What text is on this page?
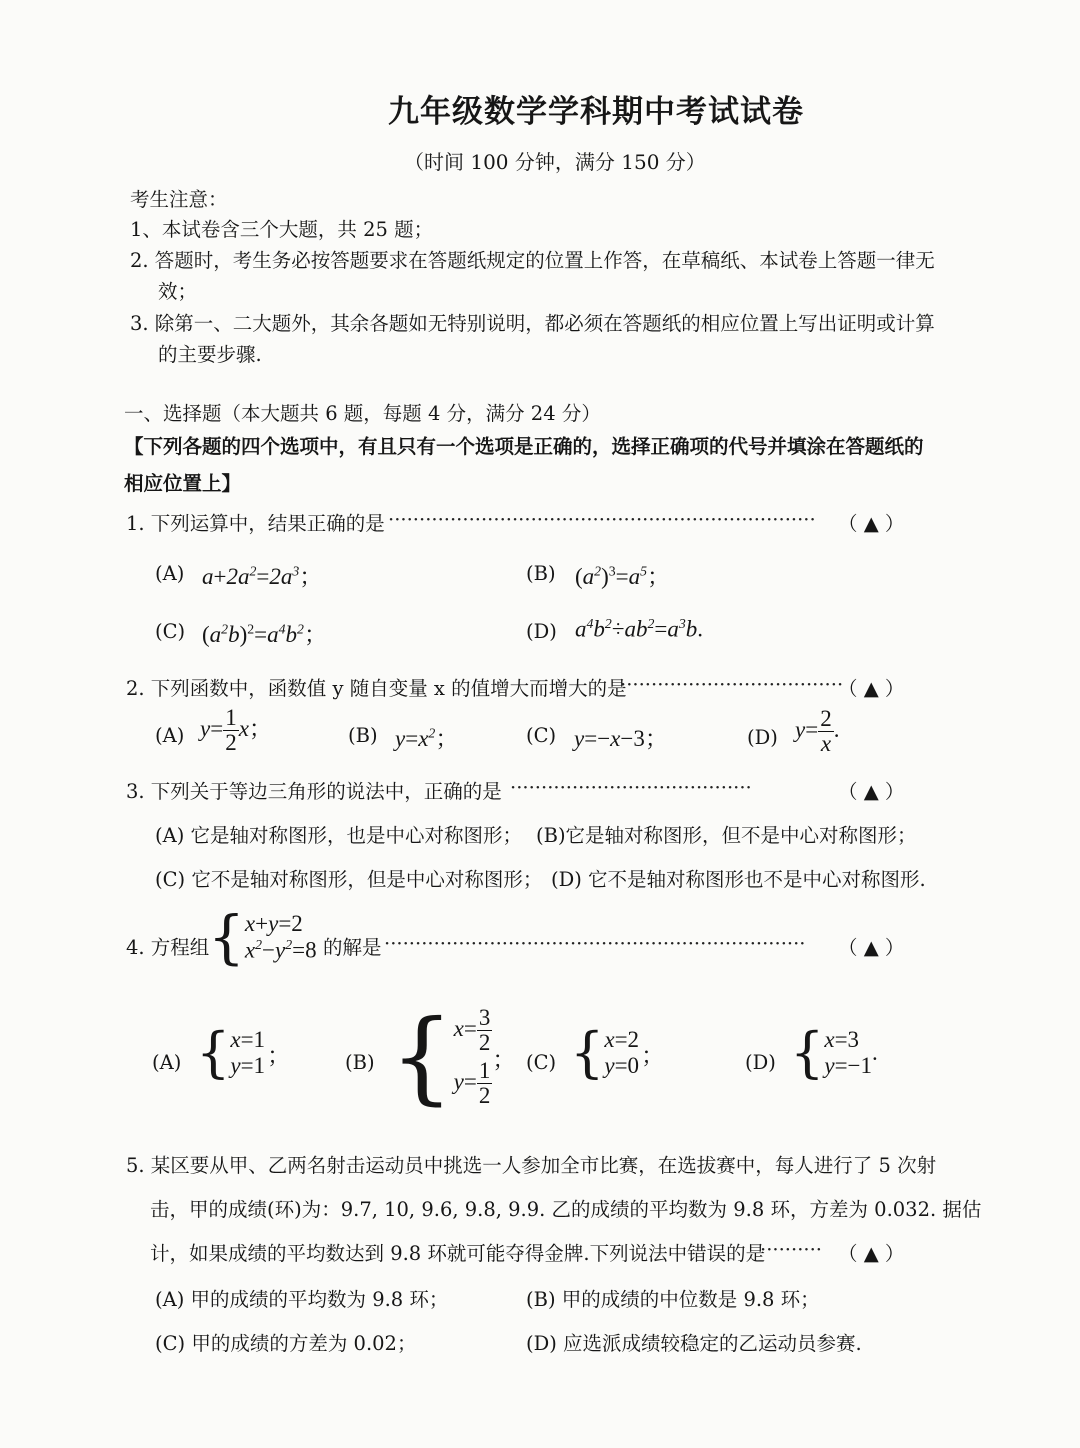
九年级数学学科期中考试试卷
（时间 100 分钟，满分 150 分）
考生注意：
1、本试卷含三个大题，共 25 题；
2. 答题时，考生务必按答题要求在答题纸规定的位置上作答，在草稿纸、本试卷上答题一律无
效；
3. 除第一、二大题外，其余各题如无特别说明，都必须在答题纸的相应位置上写出证明或计算
的主要步骤.
一、选择题（本大题共 6 题，每题 4 分，满分 24 分）
【下列各题的四个选项中，有且只有一个选项是正确的，选择正确项的代号并填涂在答题纸的
相应位置上】
1. 下列运算中，结果正确的是 ····································································· （ ▲ ）
(A) $a+2a^2=2a^3$；	(B) $(a^2)^3=a^5$；
(C) $(a^2b)^2=a^4b^2$；	(D) $a^4b^2\div ab^2=a^3b$.
2. 下列函数中，函数值 y 随自变量 x 的值增大而增大的是
····································
（ ▲ ）
(A) $y= \frac{1}{2}$ x；	(B) $y=x^2$；	(C) y=−x−3；	(D) $y= \frac{2}{x}$ .
3. 下列关于等边三角形的说法中，正确的是 ·······································	（ ▲ ）
(A) 它是轴对称图形，也是中心对称图形； (B)它是轴对称图形，但不是中心对称图形；
(C) 它不是轴对称图形，但是中心对称图形； (D) 它不是轴对称图形也不是中心对称图形.
4. 方程组
{ x+y=2
$x^2-y^2=8$ 的解是 ···································································· （ ▲ ）
(A) { x=1
y=1 ；	(B) { $x= \frac{3}{2}$
$y= \frac{1}{2}$ ； (C) { x=2
y=0 ；	(D) { x=3
y=−1
.
5. 某区要从甲、乙两名射击运动员中挑选一人参加全市比赛，在选拔赛中，每人进行了 5 次射
击，甲的成绩(环)为：9.7, 10, 9.6, 9.8, 9.9. 乙的成绩的平均数为 9.8 环，方差为 0.032. 据估
计，如果成绩的平均数达到 9.8 环就可能夺得金牌.下列说法中错误的是
·········· （ ▲ ）
(A) 甲的成绩的平均数为 9.8 环；	(B) 甲的成绩的中位数是 9.8 环；
(C) 甲的成绩的方差为 0.02；	(D) 应选派成绩较稳定的乙运动员参赛.
